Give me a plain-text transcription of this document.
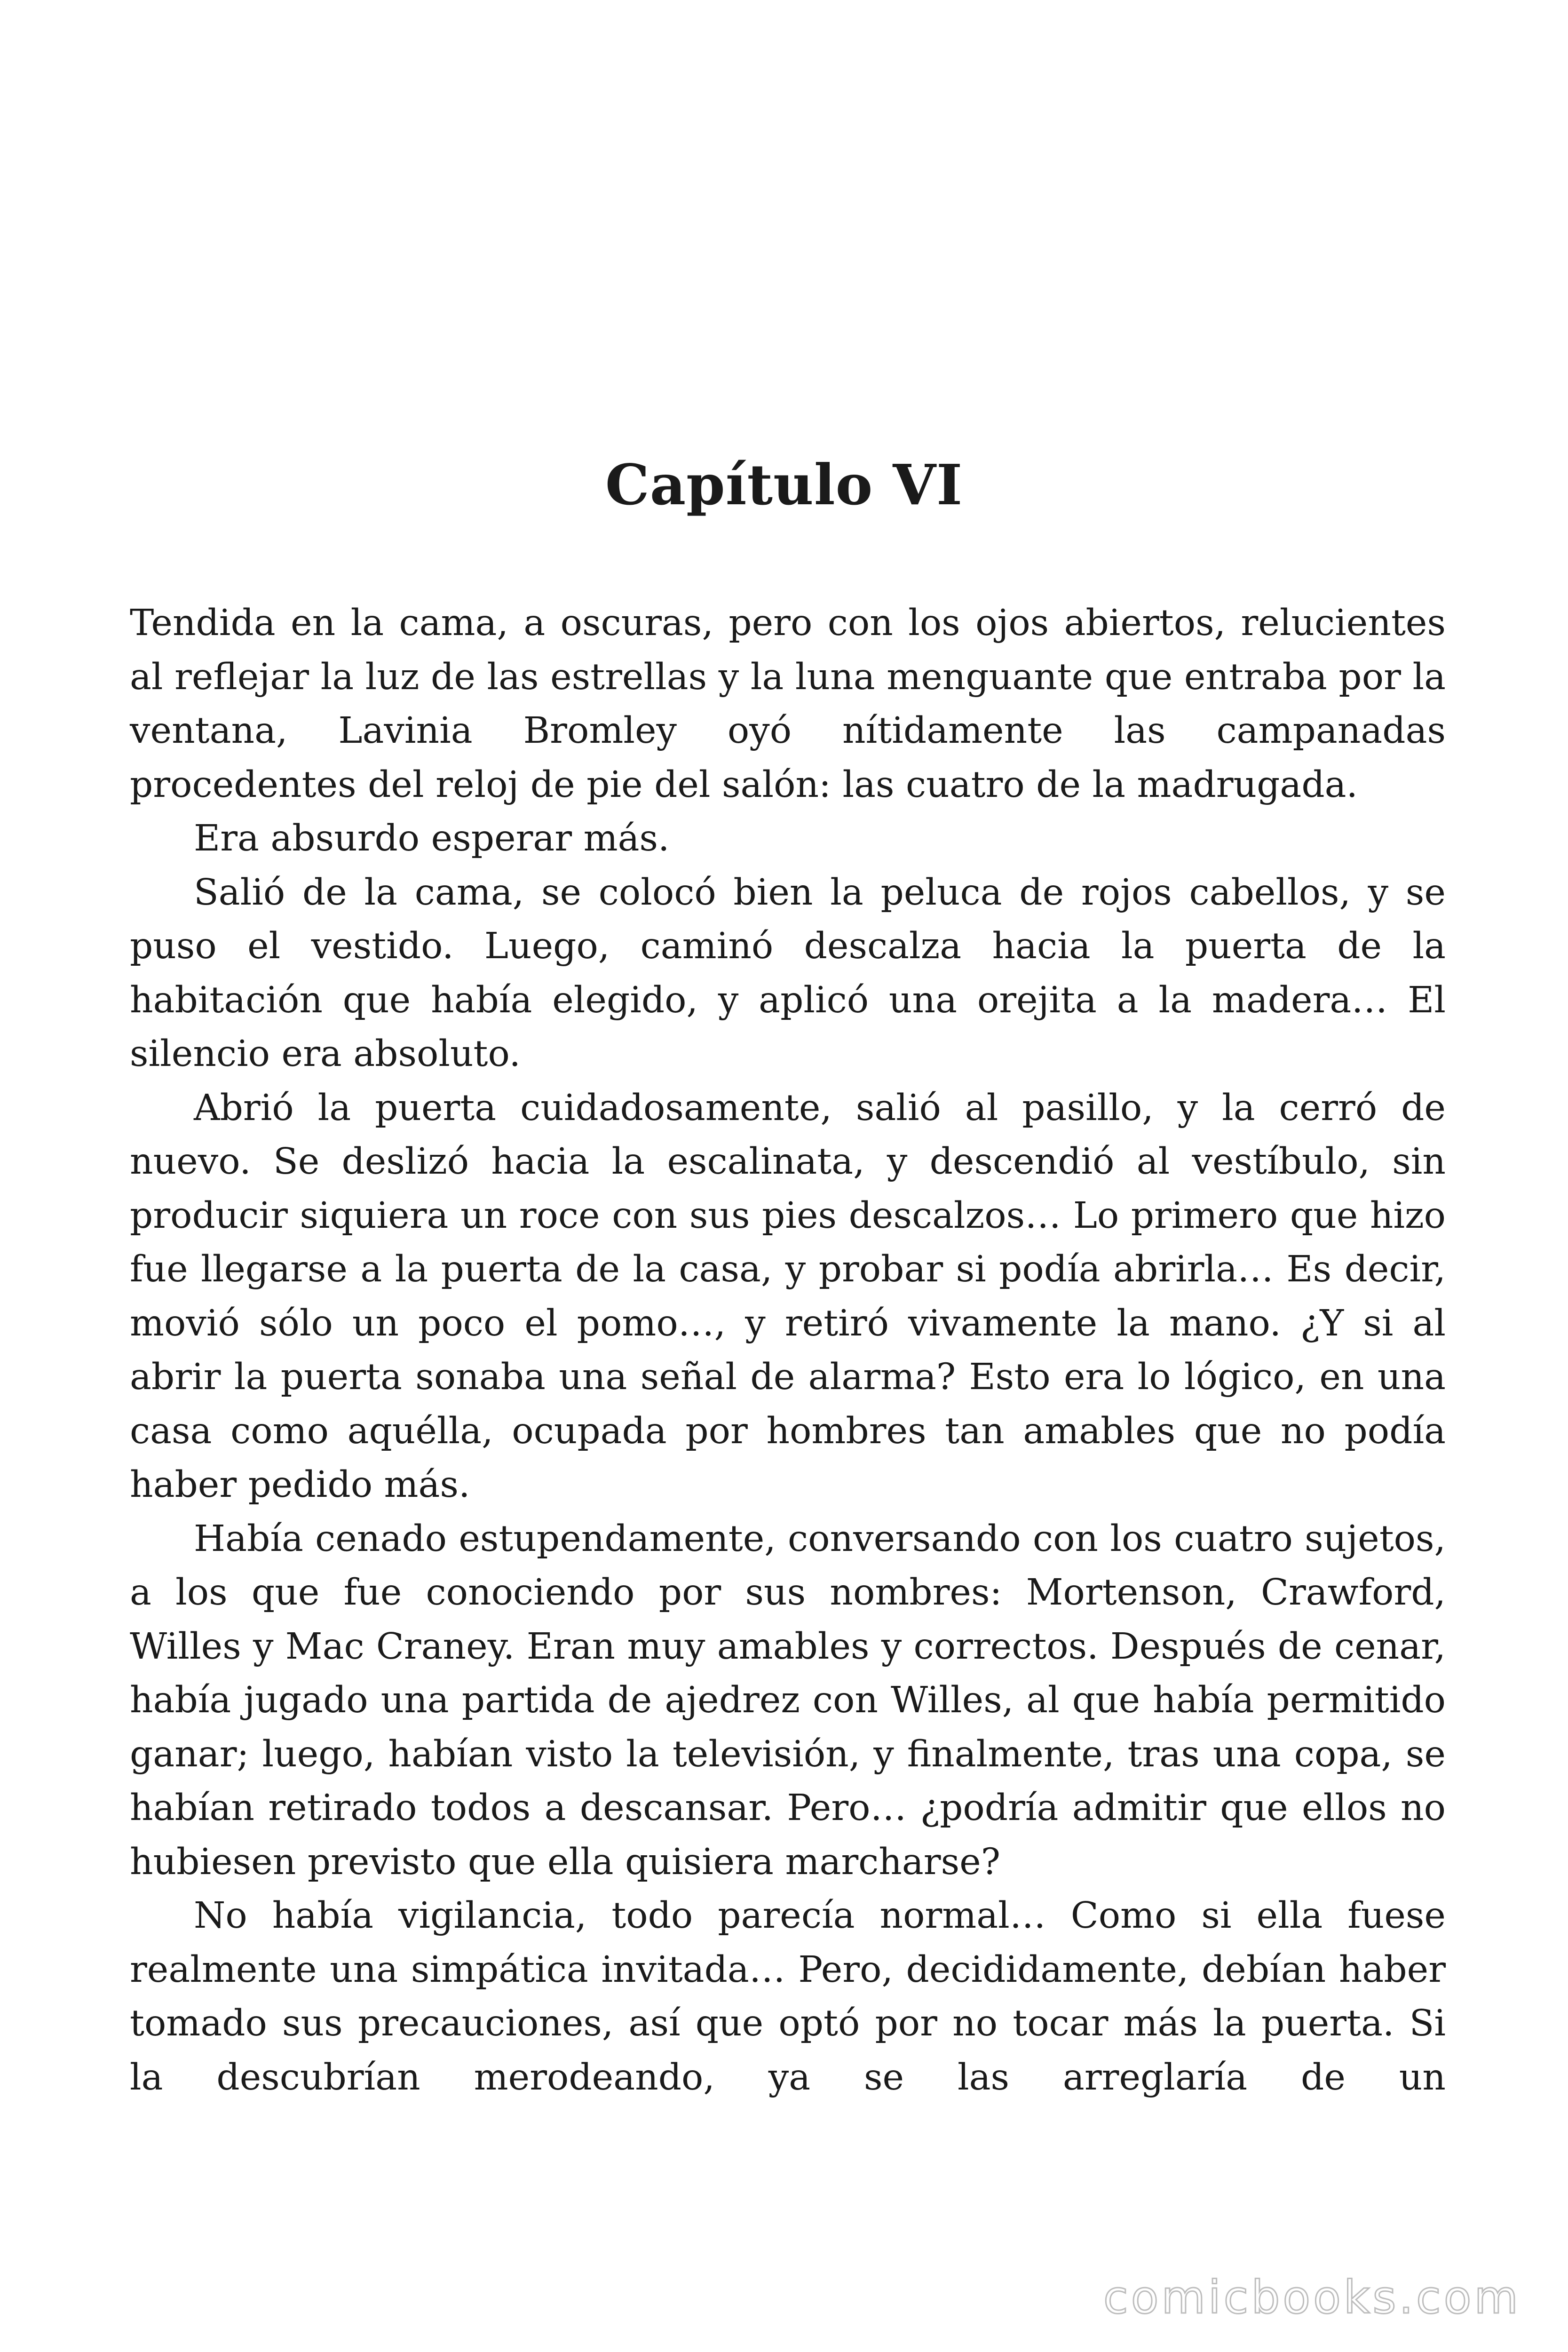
Capítulo VI

Tendida en la cama, a oscuras, pero con los ojos abiertos, relucientes al reflejar la luz de las estrellas y la luna menguante que entraba por la ventana, Lavinia Bromley oyó nítidamente las campanadas procedentes del reloj de pie del salón: las cuatro de la madrugada.

Era absurdo esperar más.

Salió de la cama, se colocó bien la peluca de rojos cabellos, y se puso el vestido. Luego, caminó descalza hacia la puerta de la habitación que había elegido, y aplicó una orejita a la madera… El silencio era absoluto.

Abrió la puerta cuidadosamente, salió al pasillo, y la cerró de nuevo. Se deslizó hacia la escalinata, y descendió al vestíbulo, sin producir siquiera un roce con sus pies descalzos… Lo primero que hizo fue llegarse a la puerta de la casa, y probar si podía abrirla… Es decir, movió sólo un poco el pomo…, y retiró vivamente la mano. ¿Y si al abrir la puerta sonaba una señal de alarma? Esto era lo lógico, en una casa como aquélla, ocupada por hombres tan amables que no podía haber pedido más.

Había cenado estupendamente, conversando con los cuatro sujetos, a los que fue conociendo por sus nombres: Mortenson, Crawford, Willes y Mac Craney. Eran muy amables y correctos. Después de cenar, había jugado una partida de ajedrez con Willes, al que había permitido ganar; luego, habían visto la televisión, y finalmente, tras una copa, se habían retirado todos a descansar. Pero… ¿podría admitir que ellos no hubiesen previsto que ella quisiera marcharse?

No había vigilancia, todo parecía normal… Como si ella fuese realmente una simpática invitada… Pero, decididamente, debían haber tomado sus precauciones, así que optó por no tocar más la puerta. Si la descubrían merodeando, ya se las arreglaría de un

comicbooks.com
